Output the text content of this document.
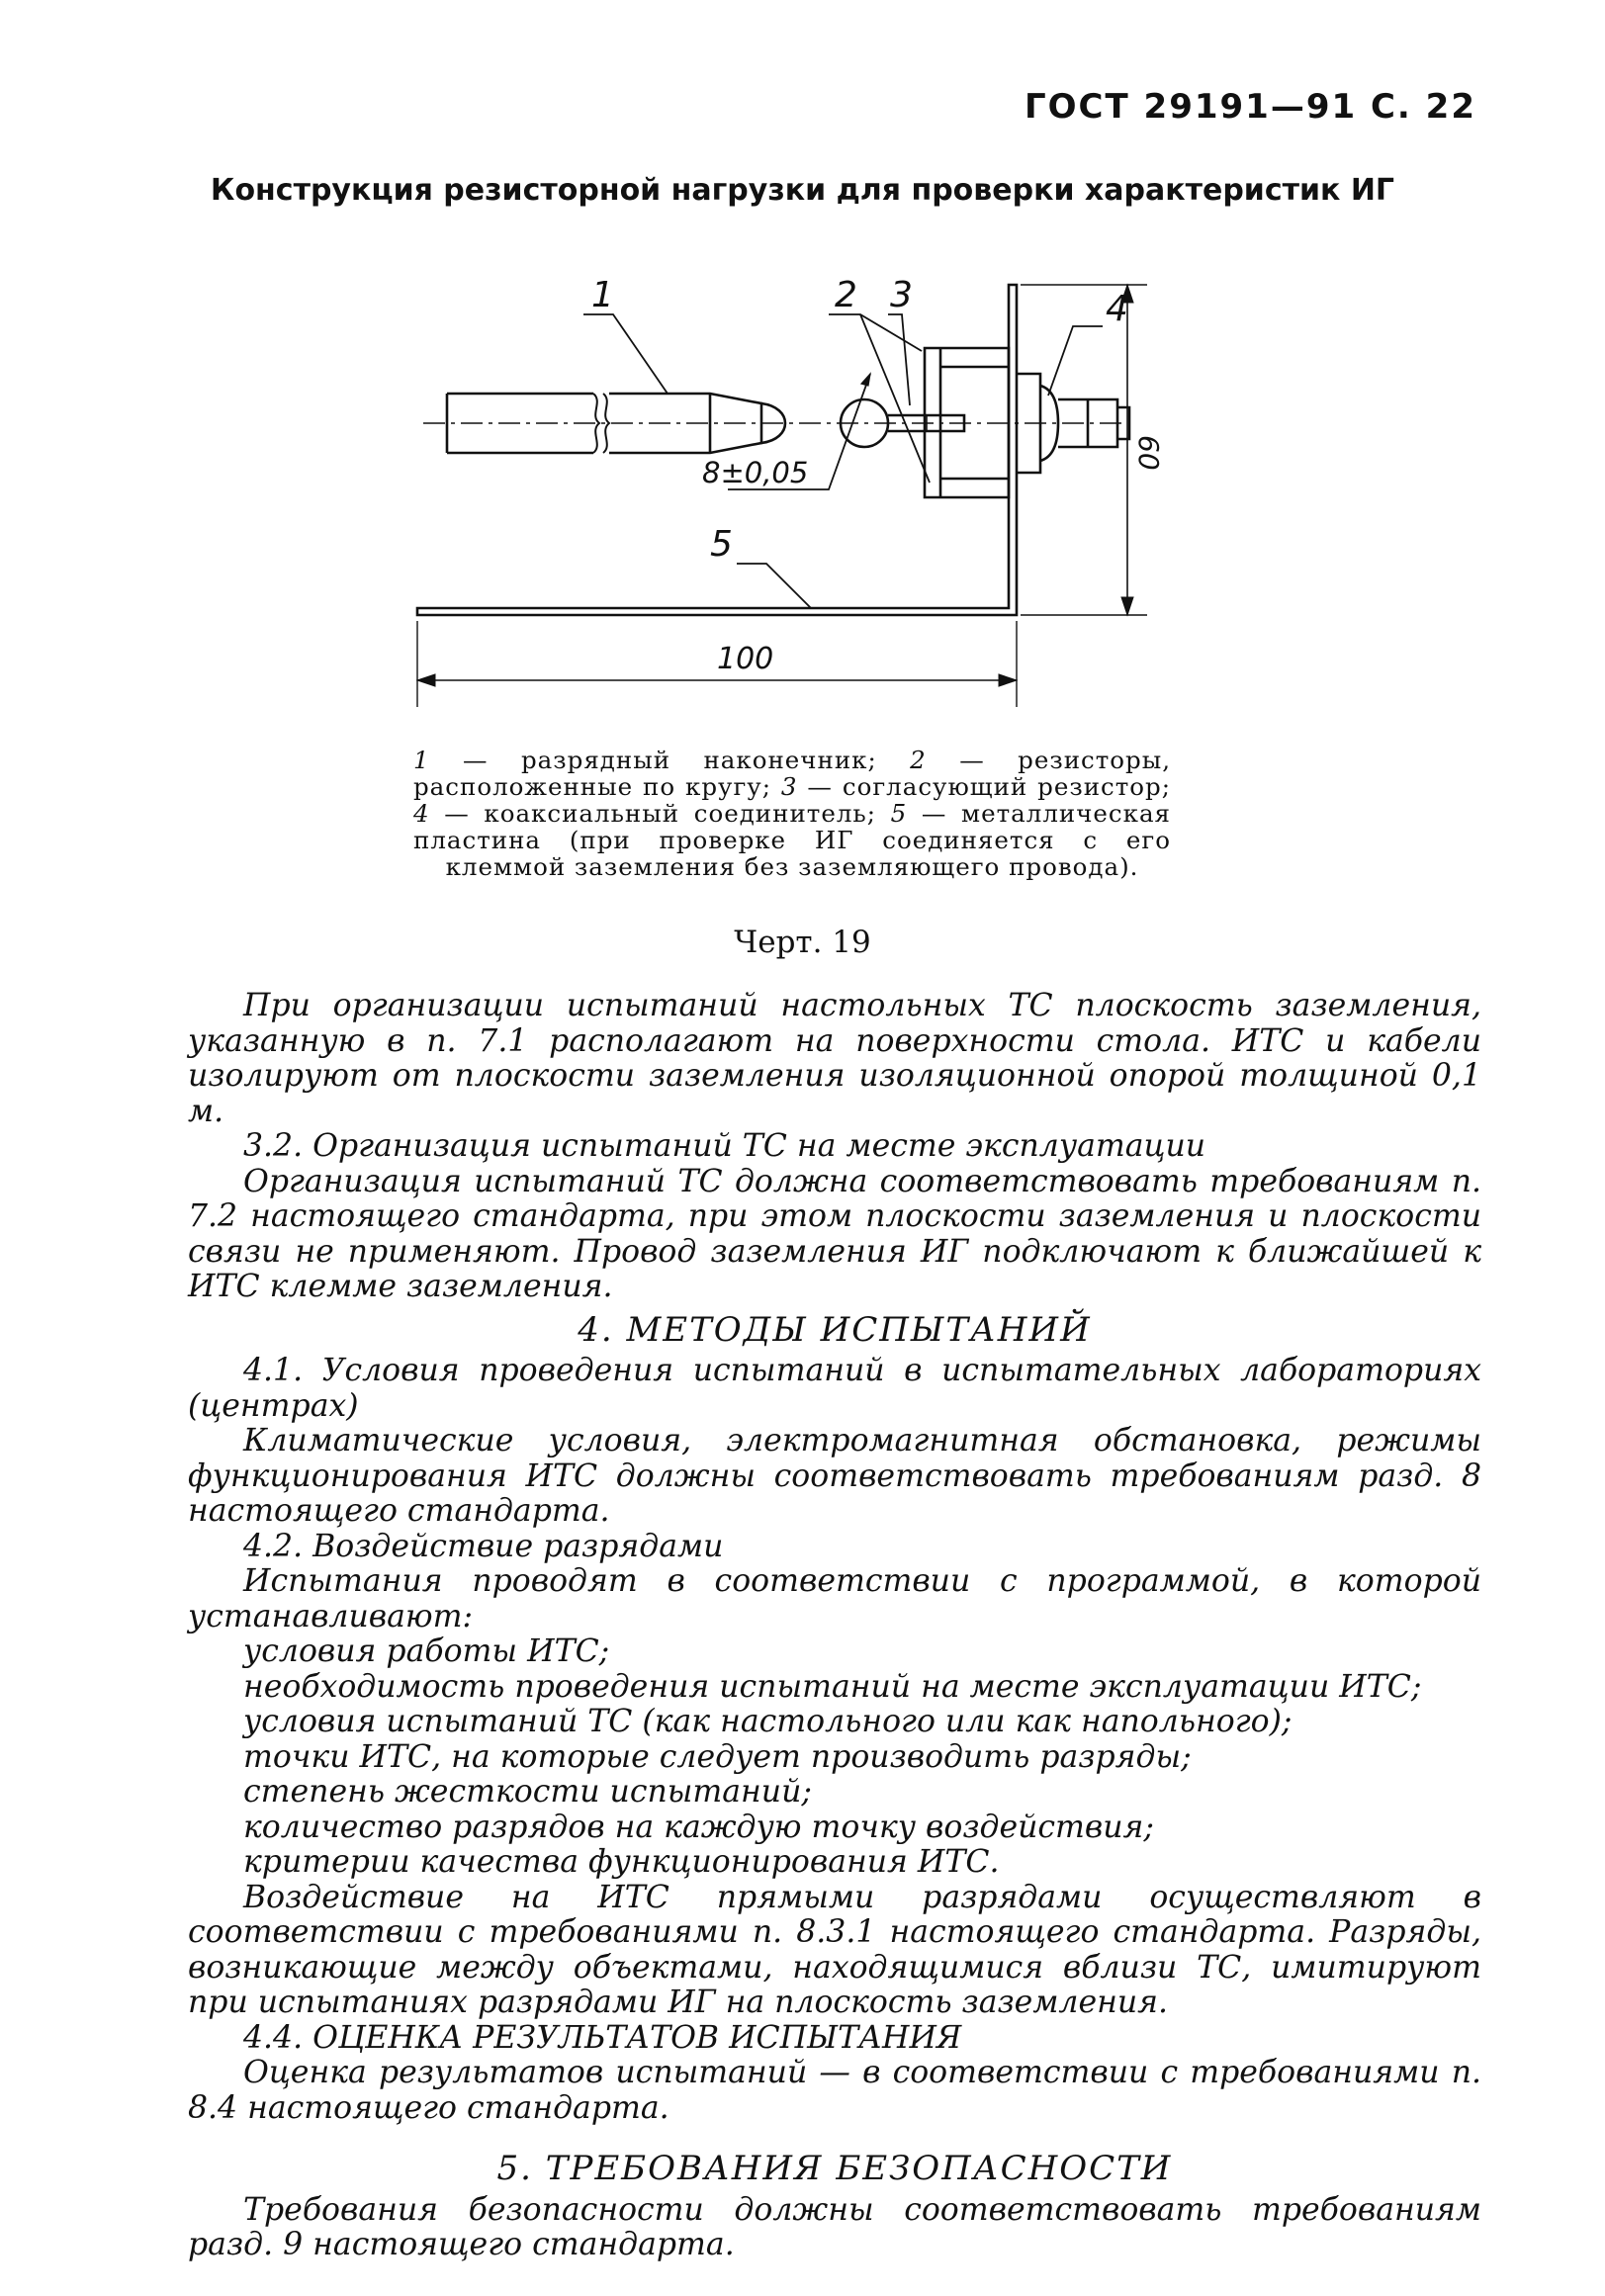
ГОСТ 29191—91 С. 22
Конструкция резисторной нагрузки для проверки характеристик ИГ
1	2 3	4
5
8±0,05
100
60
1 — разрядный наконечник; 2 — резисторы, расположенные по кругу; 3 — согласующий резистор; 4 — коаксиальный соединитель; 5 — металлическая пластина (при проверке ИГ соединяется с его клеммой заземления без заземляющего провода).
Черт. 19

При организации испытаний настольных ТС плоскость заземления, указанную в п. 7.1 располагают на поверхности стола. ИТС и кабели изолируют от плоскости заземления изоляционной опорой толщиной 0,1 м.

3.2. Организация испытаний ТС на месте эксплуатации

Организация испытаний ТС должна соответствовать требованиям п. 7.2 настоящего стандарта, при этом плоскости заземления и плоскости связи не применяют. Провод заземления ИГ подключают к ближайшей к ИТС клемме заземления.

4. МЕТОДЫ ИСПЫТАНИЙ

4.1. Условия проведения испытаний в испытательных лабораториях (центрах)

Климатические условия, электромагнитная обстановка, режимы функционирования ИТС должны соответствовать требованиям разд. 8 настоящего стандарта.

4.2. Воздействие разрядами

Испытания проводят в соответствии с программой, в которой устанавливают:

условия работы ИТС;

необходимость проведения испытаний на месте эксплуатации ИТС;

условия испытаний ТС (как настольного или как напольного);

точки ИТС, на которые следует производить разряды;

степень жесткости испытаний;

количество разрядов на каждую точку воздействия;

критерии качества функционирования ИТС.

Воздействие на ИТС прямыми разрядами осуществляют в соответствии с требованиями п. 8.3.1 настоящего стандарта. Разряды, возникающие между объектами, находящимися вблизи ТС, имитируют при испытаниях разрядами ИГ на плоскость заземления.

4.4. ОЦЕНКА РЕЗУЛЬТАТОВ ИСПЫТАНИЯ

Оценка результатов испытаний — в соответствии с требованиями п. 8.4 настоящего стандарта.

5. ТРЕБОВАНИЯ БЕЗОПАСНОСТИ

Требования безопасности должны соответствовать требованиям разд. 9 настоящего стандарта.
